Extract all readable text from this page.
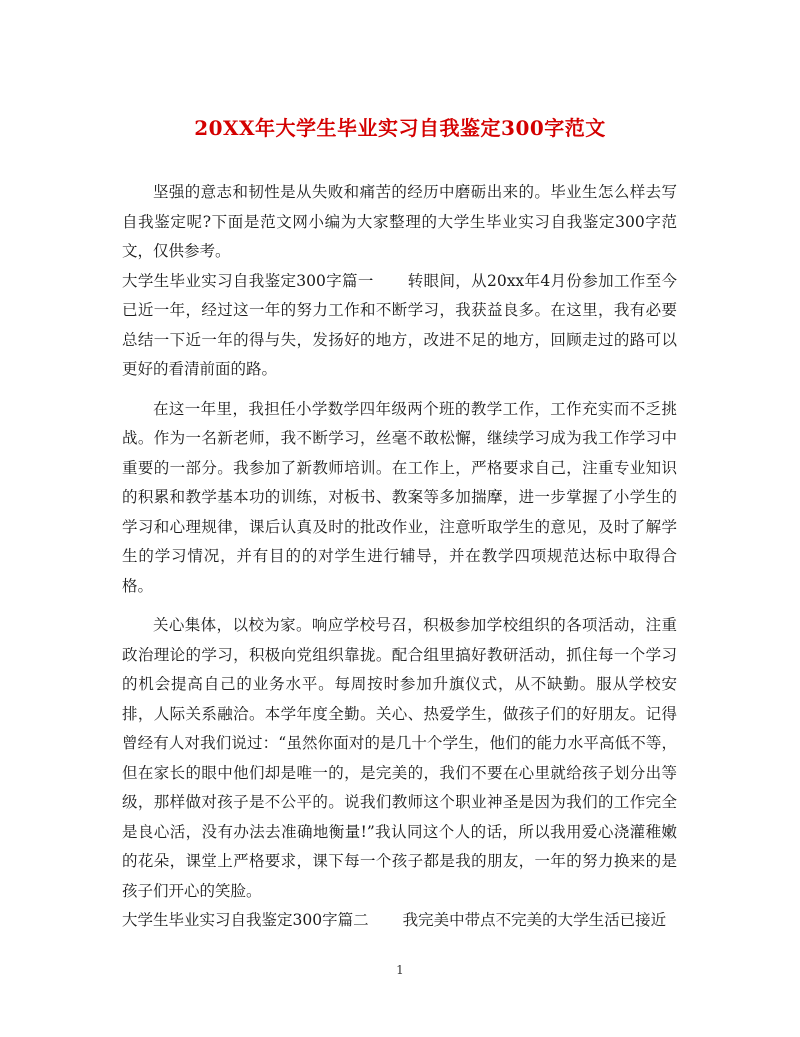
20XX年大学生毕业实习自我鉴定300字范文

坚强的意志和韧性是从失败和痛苦的经历中磨砺出来的。毕业生怎么样去写自我鉴定呢?下面是范文网小编为大家整理的大学生毕业实习自我鉴定300字范文，仅供参考。

大学生毕业实习自我鉴定300字篇一 转眼间，从20xx年4月份参加工作至今已近一年，经过这一年的努力工作和不断学习，我获益良多。在这里，我有必要总结一下近一年的得与失，发扬好的地方，改进不足的地方，回顾走过的路可以更好的看清前面的路。

在这一年里，我担任小学数学四年级两个班的教学工作，工作充实而不乏挑战。作为一名新老师，我不断学习，丝毫不敢松懈，继续学习成为我工作学习中重要的一部分。我参加了新教师培训。在工作上，严格要求自己，注重专业知识的积累和教学基本功的训练，对板书、教案等多加揣摩，进一步掌握了小学生的学习和心理规律，课后认真及时的批改作业，注意听取学生的意见，及时了解学生的学习情况，并有目的的对学生进行辅导，并在教学四项规范达标中取得合格。

关心集体，以校为家。响应学校号召，积极参加学校组织的各项活动，注重政治理论的学习，积极向党组织靠拢。配合组里搞好教研活动，抓住每一个学习的机会提高自己的业务水平。每周按时参加升旗仪式，从不缺勤。服从学校安排，人际关系融洽。本学年度全勤。关心、热爱学生，做孩子们的好朋友。记得曾经有人对我们说过：“虽然你面对的是几十个学生，他们的能力水平高低不等，但在家长的眼中他们却是唯一的，是完美的，我们不要在心里就给孩子划分出等级，那样做对孩子是不公平的。说我们教师这个职业神圣是因为我们的工作完全是良心活，没有办法去准确地衡量!”我认同这个人的话，所以我用爱心浇灌稚嫩的花朵，课堂上严格要求，课下每一个孩子都是我的朋友，一年的努力换来的是孩子们开心的笑脸。

大学生毕业实习自我鉴定300字篇二 我完美中带点不完美的大学生活已接近

1
